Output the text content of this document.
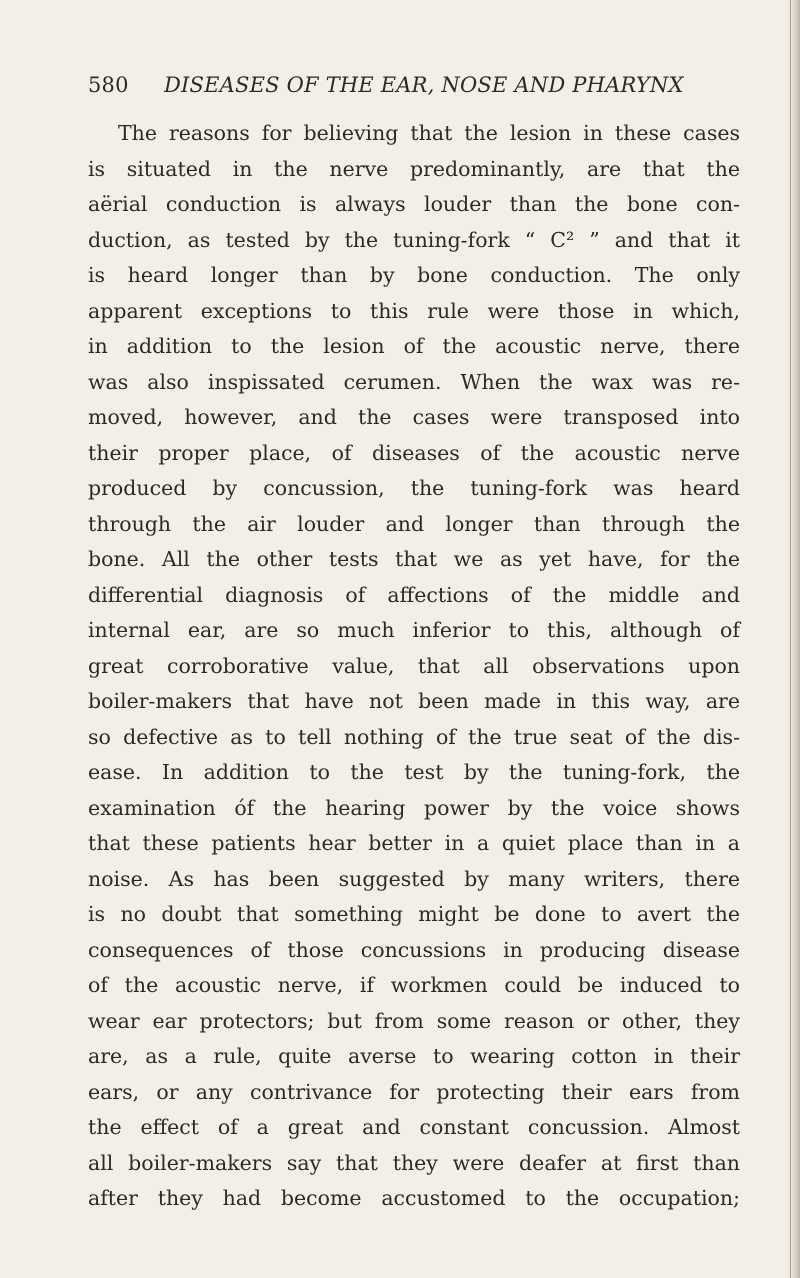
580 DISEASES OF THE EAR, NOSE AND PHARYNX
The reasons for believing that the lesion in these cases
is situated in the nerve predominantly, are that the
aërial conduction is always louder than the bone con-
duction, as tested by the tuning-fork “ C² ” and that it
is heard longer than by bone conduction. The only
apparent exceptions to this rule were those in which,
in addition to the lesion of the acoustic nerve, there
was also inspissated cerumen. When the wax was re-
moved, however, and the cases were transposed into
their proper place, of diseases of the acoustic nerve
produced by concussion, the tuning-fork was heard
through the air louder and longer than through the
bone. All the other tests that we as yet have, for the
differential diagnosis of affections of the middle and
internal ear, are so much inferior to this, although of
great corroborative value, that all observations upon
boiler-makers that have not been made in this way, are
so defective as to tell nothing of the true seat of the dis-
ease. In addition to the test by the tuning-fork, the
examination óf the hearing power by the voice shows
that these patients hear better in a quiet place than in a
noise. As has been suggested by many writers, there
is no doubt that something might be done to avert the
consequences of those concussions in producing disease
of the acoustic nerve, if workmen could be induced to
wear ear protectors; but from some reason or other, they
are, as a rule, quite averse to wearing cotton in their
ears, or any contrivance for protecting their ears from
the effect of a great and constant concussion. Almost
all boiler-makers say that they were deafer at first than
after they had become accustomed to the occupation;
